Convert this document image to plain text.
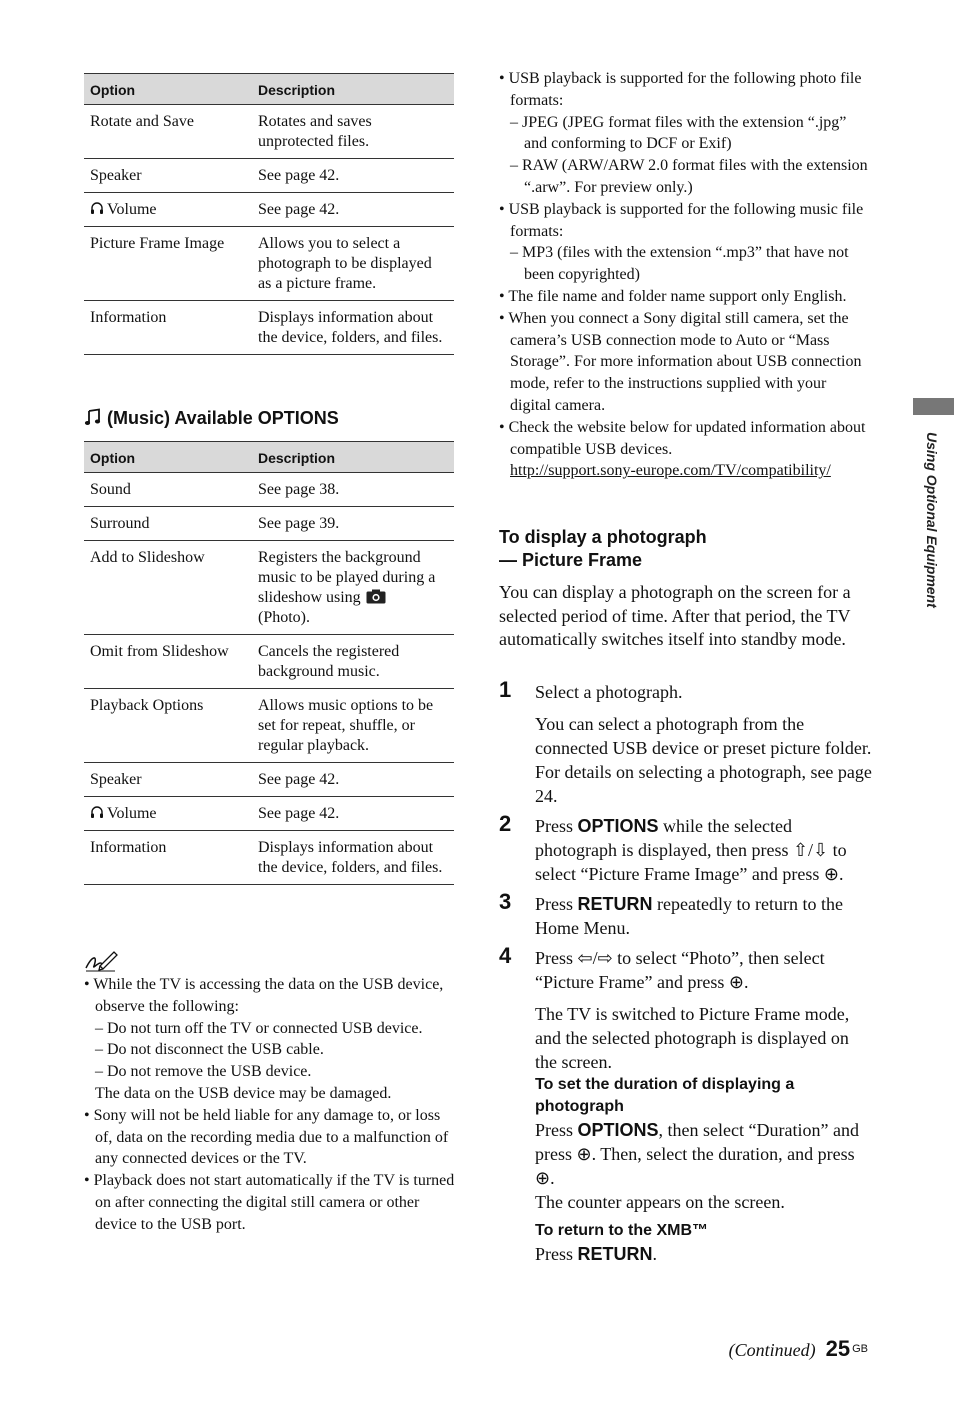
Option	Description
Rotate and Save	Rotates and saves unprotected files.
Speaker	See page 42.
Volume	See page 42.
Picture Frame Image	Allows you to select a photograph to be displayed as a picture frame.
Information	Displays information about the device, folders, and files.
(Music) Available OPTIONS
Option	Description
Sound	See page 38.
Surround	See page 39.
Add to Slideshow	Registers the background music to be played during a slideshow using
(Photo).
Omit from Slideshow	Cancels the registered background music.
Playback Options	Allows music options to be set for repeat, shuffle, or regular playback.
Speaker	See page 42.
Volume	See page 42.
Information	Displays information about the device, folders, and files.

• While the TV is accessing the data on the USB device, observe the following:

– Do not turn off the TV or connected USB device.

– Do not disconnect the USB cable.

– Do not remove the USB device.

The data on the USB device may be damaged.

• Sony will not be held liable for any damage to, or loss of, data on the recording media due to a malfunction of any connected devices or the TV.

• Playback does not start automatically if the TV is turned on after connecting the digital still camera or other device to the USB port.

• USB playback is supported for the following photo file formats:

– JPEG (JPEG format files with the extension “.jpg” and conforming to DCF or Exif)

– RAW (ARW/ARW 2.0 format files with the extension “.arw”. For preview only.)

• USB playback is supported for the following music file formats:

– MP3 (files with the extension “.mp3” that have not been copyrighted)

• The file name and folder name support only English.

• When you connect a Sony digital still camera, set the camera’s USB connection mode to Auto or “Mass Storage”. For more information about USB connection mode, refer to the instructions supplied with your digital camera.

• Check the website below for updated information about compatible USB devices.

http://support.sony-europe.com/TV/compatibility/

To display a photograph
— Picture Frame

You can display a photograph on the screen for a selected period of time. After that period, the TV automatically switches itself into standby mode.

1 Select a photograph.

You can select a photograph from the connected USB device or preset picture folder. For details on selecting a photograph, see page 24.

2 Press OPTIONS while the selected photograph is displayed, then press ⇧/⇩ to select “Picture Frame Image” and press ⊕.

3 Press RETURN repeatedly to return to the Home Menu.

4 Press ⇦/⇨ to select “Photo”, then select “Picture Frame” and press ⊕.

The TV is switched to Picture Frame mode, and the selected photograph is displayed on the screen.

To set the duration of displaying a photograph

Press OPTIONS, then select “Duration” and press ⊕. Then, select the duration, and press ⊕.

The counter appears on the screen.

To return to the XMB™

Press RETURN.

Using Optional Equipment
(Continued) 25 $^{GB}$
